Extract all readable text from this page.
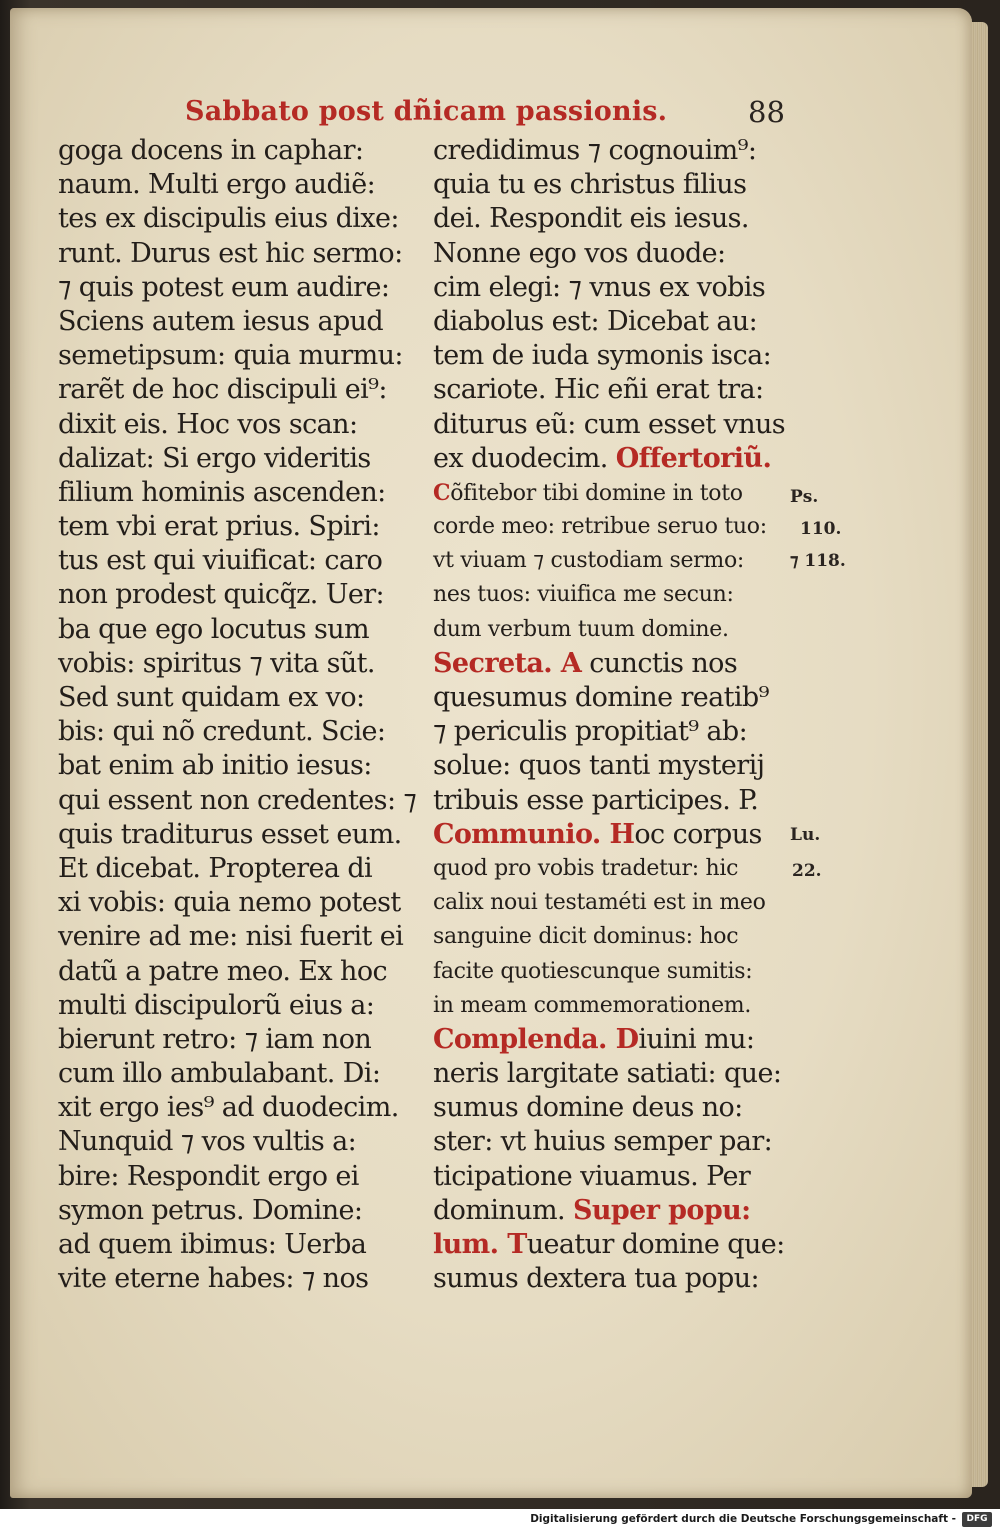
Sabbato post dñicam passionis.	88
goga docens in caphar:
naum. Multi ergo audiẽ:
tes ex discipulis eius dixe:
runt. Durus est hic sermo:
⁊ quis potest eum audire:
Sciens autem iesus apud
semetipsum: quia murmu:
rarẽt de hoc discipuli ei⁹:
dixit eis. Hoc vos scan:
dalizat: Si ergo videritis
filium hominis ascenden:
tem vbi erat prius. Spiri:
tus est qui viuificat: caro
non prodest quicq̃z. Uer:
ba que ego locutus sum
vobis: spiritus ⁊ vita sũt.
Sed sunt quidam ex vo:
bis: qui nõ credunt. Scie:
bat enim ab initio iesus:
qui essent non credentes: ⁊
quis traditurus esset eum.
Et dicebat. Propterea di
xi vobis: quia nemo potest
venire ad me: nisi fuerit ei
datũ a patre meo. Ex hoc
multi discipulorũ eius a:
bierunt retro: ⁊ iam non
cum illo ambulabant. Di:
xit ergo ies⁹ ad duodecim.
Nunquid ⁊ vos vultis a:
bire: Respondit ergo ei
symon petrus. Domine:
ad quem ibimus: Uerba
vite eterne habes: ⁊ nos
credidimus ⁊ cognouim⁹:
quia tu es christus filius
dei. Respondit eis iesus.
Nonne ego vos duode:
cim elegi: ⁊ vnus ex vobis
diabolus est: Dicebat au:
tem de iuda symonis isca:
scariote. Hic eñi erat tra:
diturus eũ: cum esset vnus
ex duodecim. Offertoriũ.
Cõfitebor tibi domine in toto
corde meo: retribue seruo tuo:
vt viuam ⁊ custodiam sermo:
nes tuos: viuifica me secun:
dum verbum tuum domine.
Secreta. A cunctis nos
quesumus domine reatib⁹
⁊ periculis propitiat⁹ ab:
solue: quos tanti mysterij
tribuis esse participes. P.
Communio. Hoc corpus
quod pro vobis tradetur: hic
calix noui testaméti est in meo
sanguine dicit dominus: hoc
facite quotiescunque sumitis:
in meam commemorationem.
Complenda. Diuini mu:
neris largitate satiati: que:
sumus domine deus no:
ster: vt huius semper par:
ticipatione viuamus. Per
dominum. Super popu:
lum. Tueatur domine que:
sumus dextera tua popu:
Ps.
110.
⁊ 118.
Lu.
22.
Digitalisierung gefördert durch die Deutsche Forschungsgemeinschaft -	DFG
